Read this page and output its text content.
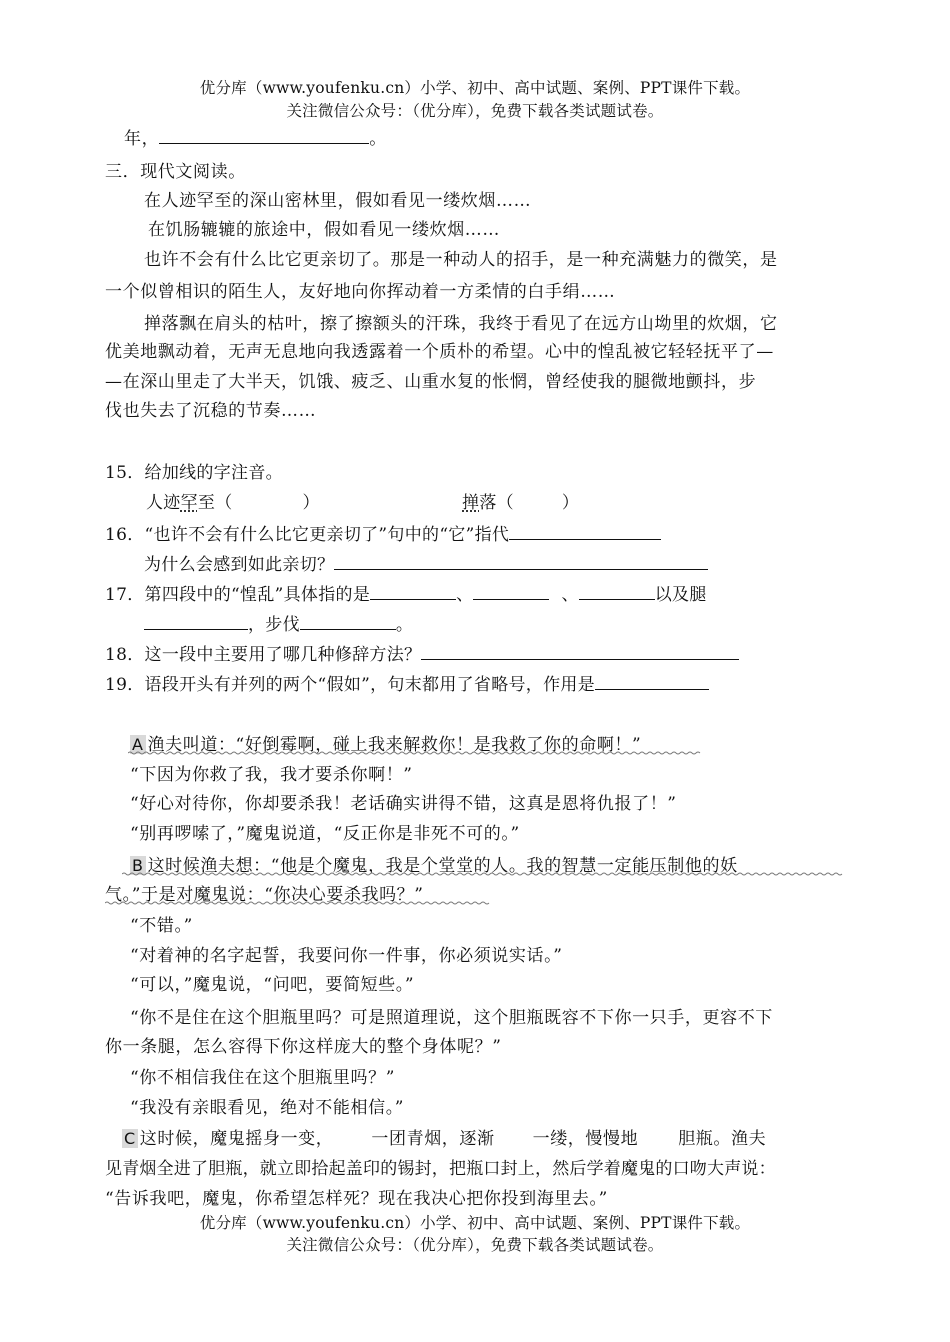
优分库（www.youfenku.cn）小学、初中、高中试题、案例、PPT课件下载。
关注微信公众号：（优分库），免费下载各类试题试卷。
年，	。
三．现代文阅读。
在人迹罕至的深山密林里，假如看见一缕炊烟……
在饥肠辘辘的旅途中，假如看见一缕炊烟……
也许不会有什么比它更亲切了。那是一种动人的招手，是一种充满魅力的微笑，是
一个似曾相识的陌生人，友好地向你挥动着一方柔情的白手绢……
掸落飘在肩头的枯叶，擦了擦额头的汗珠，我终于看见了在远方山坳里的炊烟，它
优美地飘动着，无声无息地向我透露着一个质朴的希望。心中的惶乱被它轻轻抚平了—
—在深山里走了大半天，饥饿、疲乏、山重水复的怅惘，曾经使我的腿微地颤抖，步
伐也失去了沉稳的节奏……
15．给加线的字注音。
人迹罕至（	）	掸落（	）
16．“也许不会有什么比它更亲切了”句中的“它”指代
为什么会感到如此亲切？
17．第四段中的“惶乱”具体指的是	、	、	以及腿
，步伐	。
18．这一段中主要用了哪几种修辞方法？
19．语段开头有并列的两个“假如”，句末都用了省略号，作用是
A 渔夫叫道：“好倒霉啊，碰上我来解救你！是我救了你的命啊！”
“下因为你救了我，我才要杀你啊！”
“好心对待你，你却要杀我！老话确实讲得不错，这真是恩将仇报了！”
“别再啰嗦了，”魔鬼说道，“反正你是非死不可的。”
B 这时候渔夫想：“他是个魔鬼，我是个堂堂的人。我的智慧一定能压制他的妖
气。”于是对魔鬼说：“你决心要杀我吗？”
“不错。”
“对着神的名字起誓，我要问你一件事，你必须说实话。”
“可以，”魔鬼说，“问吧，要简短些。”
“你不是住在这个胆瓶里吗？可是照道理说，这个胆瓶既容不下你一只手，更容不下
你一条腿，怎么容得下你这样庞大的整个身体呢？”
“你不相信我住在这个胆瓶里吗？”
“我没有亲眼看见，绝对不能相信。”
C 这时候，魔鬼摇身一变， 一团青烟，逐渐 一缕，慢慢地 胆瓶。渔夫
见青烟全进了胆瓶，就立即拾起盖印的锡封，把瓶口封上，然后学着魔鬼的口吻大声说：
“告诉我吧，魔鬼，你希望怎样死？现在我决心把你投到海里去。”
优分库（www.youfenku.cn）小学、初中、高中试题、案例、PPT课件下载。
关注微信公众号：（优分库），免费下载各类试题试卷。
